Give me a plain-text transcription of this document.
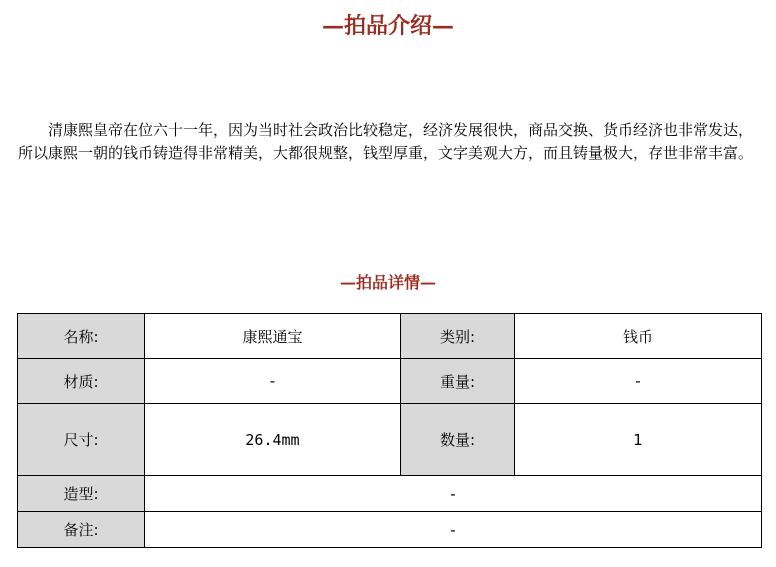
—拍品介绍—

清康熙皇帝在位六十一年，因为当时社会政治比较稳定，经济发展很快，商品交换、货币经济也非常发达，所以康熙一朝的钱币铸造得非常精美，大都很规整，钱型厚重，文字美观大方，而且铸量极大，存世非常丰富。

—拍品详情—
名称:	康熙通宝	类别:	钱币
材质:	-	重量:	-
尺寸:	26.4mm	数量:	1
造型:	-		
备注:	-		
